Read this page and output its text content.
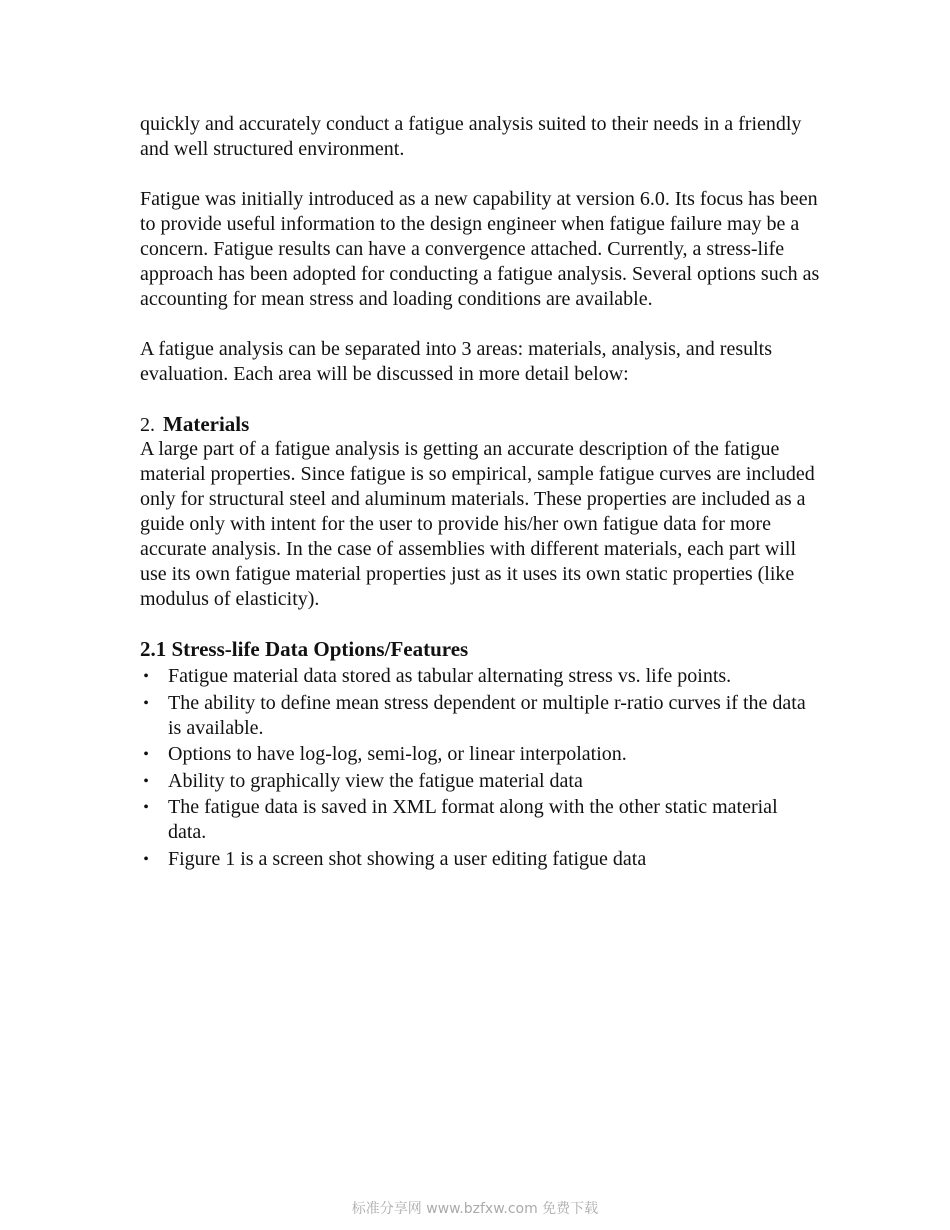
quickly and accurately conduct a fatigue analysis suited to their needs in a friendly and well structured environment.

Fatigue was initially introduced as a new capability at version 6.0. Its focus has been to provide useful information to the design engineer when fatigue failure may be a concern. Fatigue results can have a convergence attached. Currently, a stress-life approach has been adopted for conducting a fatigue analysis. Several options such as accounting for mean stress and loading conditions are available.

A fatigue analysis can be separated into 3 areas: materials, analysis, and results evaluation. Each area will be discussed in more detail below:

2. Materials

A large part of a fatigue analysis is getting an accurate description of the fatigue material properties. Since fatigue is so empirical, sample fatigue curves are included only for structural steel and aluminum materials. These properties are included as a guide only with intent for the user to provide his/her own fatigue data for more accurate analysis. In the case of assemblies with different materials, each part will use its own fatigue material properties just as it uses its own static properties (like modulus of elasticity).

2.1 Stress-life Data Options/Features
• Fatigue material data stored as tabular alternating stress vs. life points.
• The ability to define mean stress dependent or multiple r-ratio curves if the data is available.
• Options to have log-log, semi-log, or linear interpolation.
• Ability to graphically view the fatigue material data
• The fatigue data is saved in XML format along with the other static material data.
• Figure 1 is a screen shot showing a user editing fatigue data
标准分享网 www.bzfxw.com 免费下载
